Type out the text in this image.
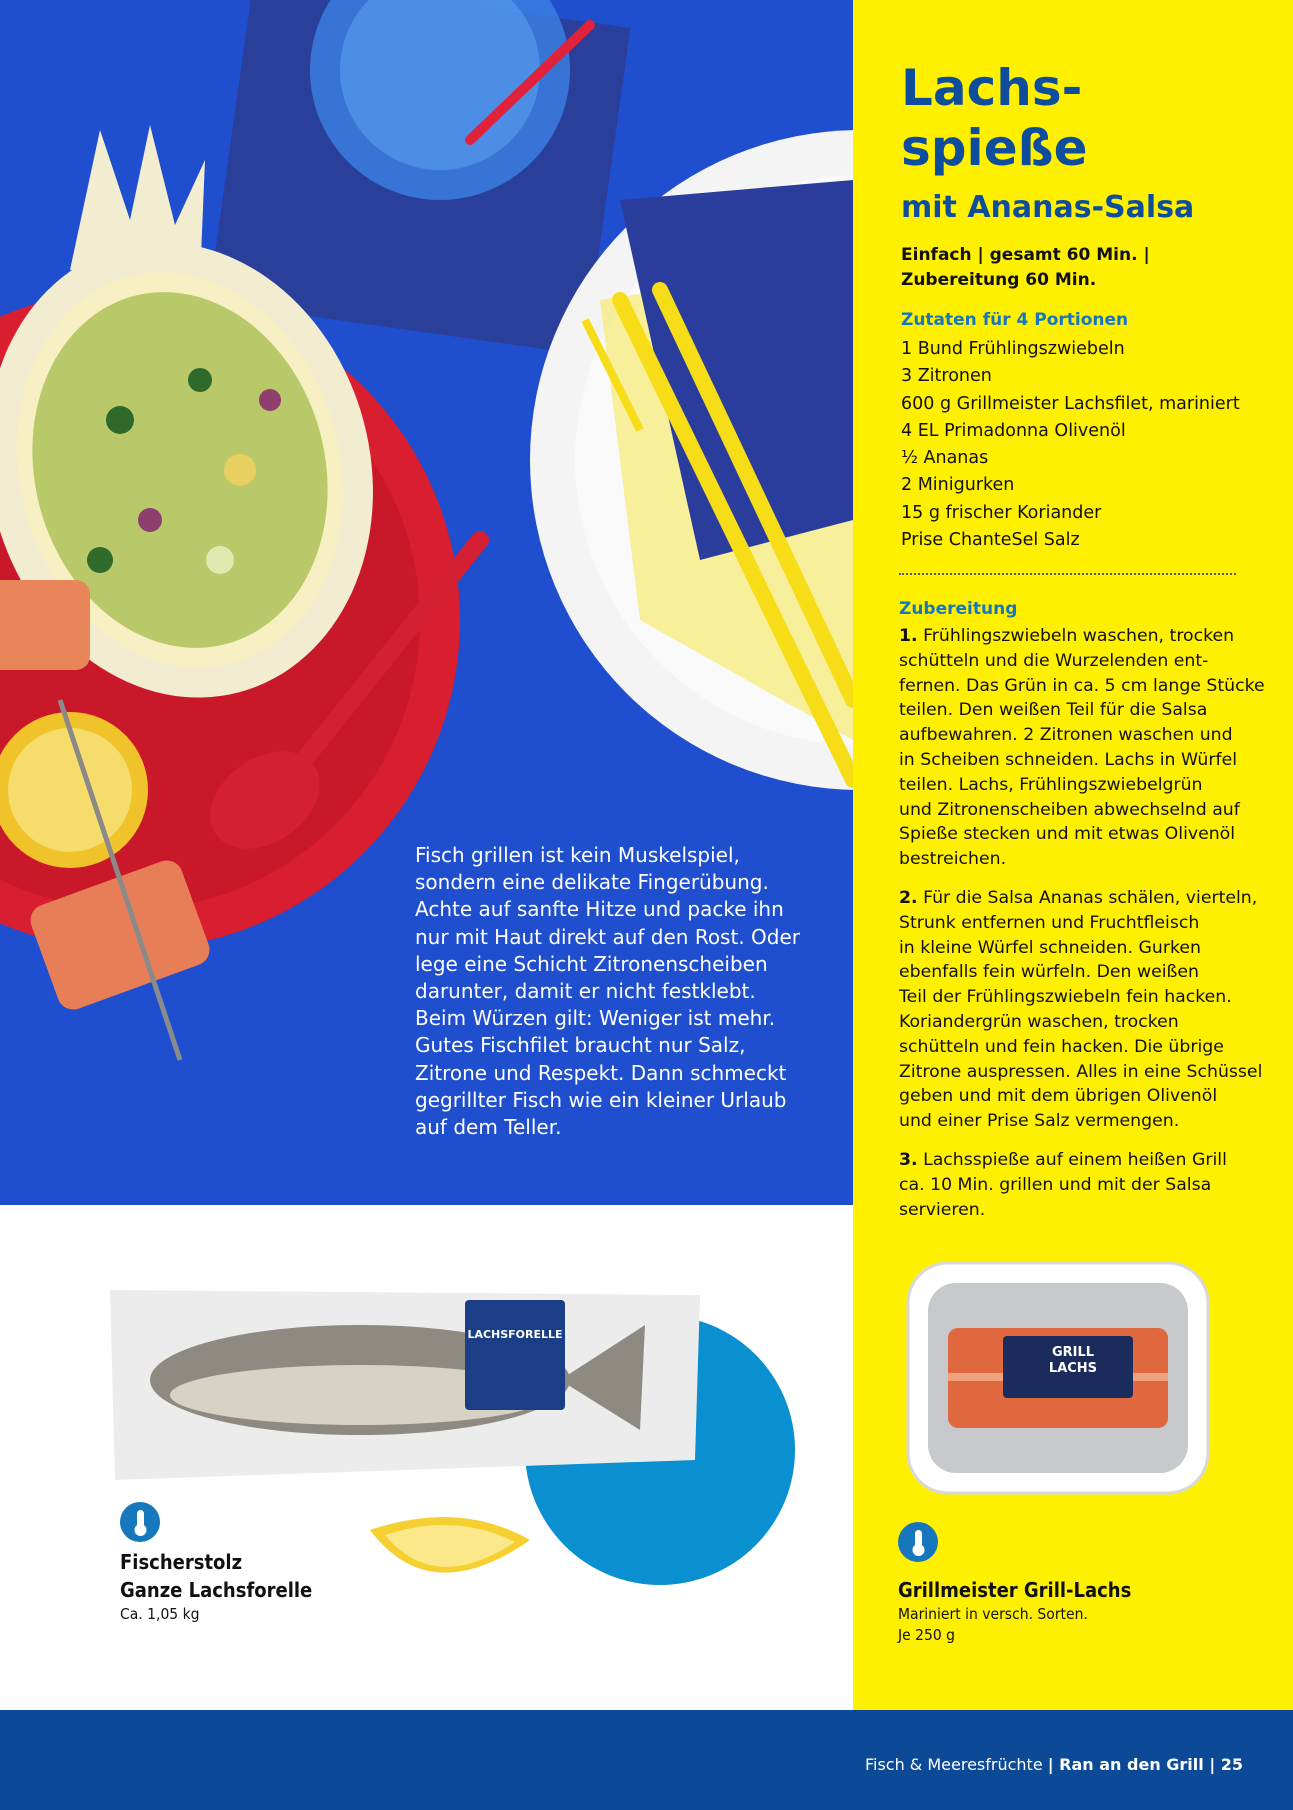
Fisch grillen ist kein Muskelspiel,
sondern eine delikate Fingerübung.
Achte auf sanfte Hitze und packe ihn
nur mit Haut direkt auf den Rost. Oder
lege eine Schicht Zitronenscheiben
darunter, damit er nicht festklebt.
Beim Würzen gilt: Weniger ist mehr.
Gutes Fischfilet braucht nur Salz,
Zitrone und Respekt. Dann schmeckt
gegrillter Fisch wie ein kleiner Urlaub
auf dem Teller.
Lachs-
spieße
mit Ananas-Salsa
Einfach | gesamt 60 Min. |
Zubereitung 60 Min.
Zutaten für 4 Portionen
1 Bund Frühlingszwiebeln
3 Zitronen
600 g Grillmeister Lachsfilet, mariniert
4 EL Primadonna Olivenöl
½ Ananas
2 Minigurken
15 g frischer Koriander
Prise ChanteSel Salz
Zubereitung

1. Frühlingszwiebeln waschen, trocken
schütteln und die Wurzelenden ent-
fernen. Das Grün in ca. 5 cm lange Stücke
teilen. Den weißen Teil für die Salsa
aufbewahren. 2 Zitronen waschen und
in Scheiben schneiden. Lachs in Würfel
teilen. Lachs, Frühlingszwiebelgrün
und Zitronenscheiben abwechselnd auf
Spieße stecken und mit etwas Olivenöl
bestreichen.

2. Für die Salsa Ananas schälen, vierteln,
Strunk entfernen und Fruchtfleisch
in kleine Würfel schneiden. Gurken
ebenfalls fein würfeln. Den weißen
Teil der Frühlingszwiebeln fein hacken.
Koriandergrün waschen, trocken
schütteln und fein hacken. Die übrige
Zitrone auspressen. Alles in eine Schüssel
geben und mit dem übrigen Olivenöl
und einer Prise Salz vermengen.

3. Lachsspieße auf einem heißen Grill
ca. 10 Min. grillen und mit der Salsa
servieren.

GRILL
LACHS
Grillmeister Grill-Lachs
Mariniert in versch. Sorten.
Je 250 g
LACHSFORELLE
Fischerstolz
Ganze Lachsforelle
Ca. 1,05 kg
Fisch & Meeresfrüchte | Ran an den Grill | 25
